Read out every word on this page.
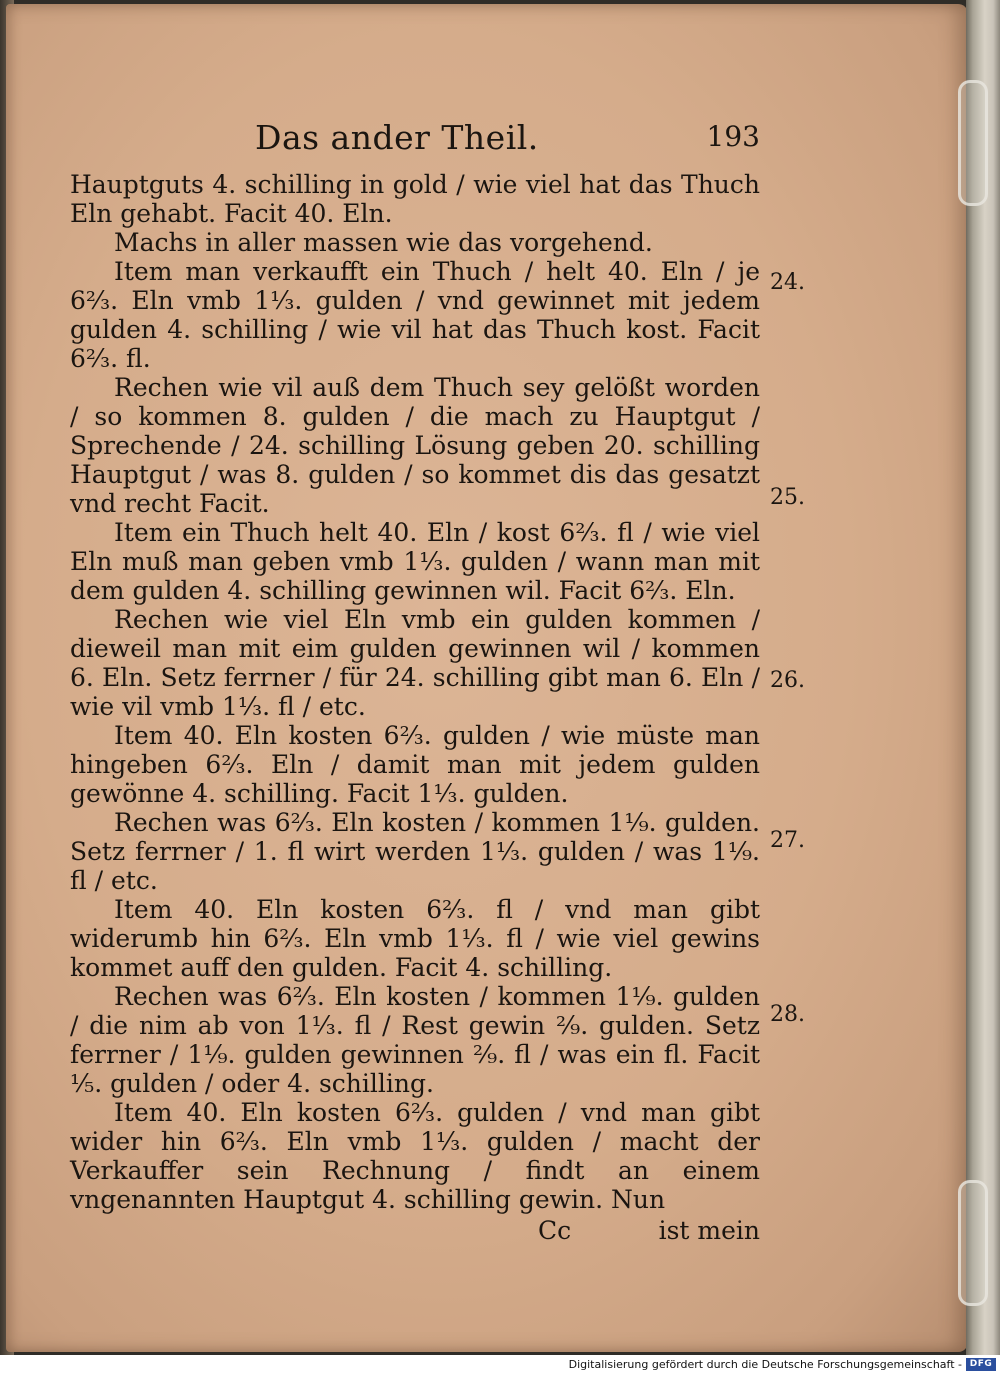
Das ander Theil.	193

Hauptguts 4. schilling in gold / wie viel hat das Thuch Eln gehabt. Facit 40. Eln.

Machs in aller massen wie das vorgehend.

Item man verkaufft ein Thuch / helt 40. Eln / je 6²⁄₃. Eln vmb 1¹⁄₃. gulden / vnd gewinnet mit jedem gulden 4. schilling / wie vil hat das Thuch kost. Facit 6²⁄₃. fl.

Rechen wie vil auß dem Thuch sey gelößt worden / so kommen 8. gulden / die mach zu Hauptgut / Sprechende / 24. schilling Lösung geben 20. schilling Hauptgut / was 8. gulden / so kommet dis das gesatzt vnd recht Facit.

Item ein Thuch helt 40. Eln / kost 6²⁄₃. fl / wie viel Eln muß man geben vmb 1¹⁄₃. gulden / wann man mit dem gulden 4. schilling gewinnen wil. Facit 6²⁄₃. Eln.

Rechen wie viel Eln vmb ein gulden kommen / dieweil man mit eim gulden gewinnen wil / kommen 6. Eln. Setz ferrner / für 24. schilling gibt man 6. Eln / wie vil vmb 1¹⁄₃. fl / etc.

Item 40. Eln kosten 6²⁄₃. gulden / wie müste man hingeben 6²⁄₃. Eln / damit man mit jedem gulden gewönne 4. schilling. Facit 1¹⁄₃. gulden.

Rechen was 6²⁄₃. Eln kosten / kommen 1¹⁄₉. gulden. Setz ferrner / 1. fl wirt werden 1¹⁄₃. gulden / was 1¹⁄₉. fl / etc.

Item 40. Eln kosten 6²⁄₃. fl / vnd man gibt widerumb hin 6²⁄₃. Eln vmb 1¹⁄₃. fl / wie viel gewins kommet auff den gulden. Facit 4. schilling.

Rechen was 6²⁄₃. Eln kosten / kommen 1¹⁄₉. gulden / die nim ab von 1¹⁄₃. fl / Rest gewin ²⁄₉. gulden. Setz ferrner / 1¹⁄₉. gulden gewinnen ²⁄₉. fl / was ein fl. Facit ¹⁄₅. gulden / oder 4. schilling.

Item 40. Eln kosten 6²⁄₃. gulden / vnd man gibt wider hin 6²⁄₃. Eln vmb 1¹⁄₃. gulden / macht der Verkauffer sein Rechnung / findt an einem vngenannten Hauptgut 4. schilling gewin. Nun

Cc	ist mein
24.
25.
26.
27.
28.
Digitalisierung gefördert durch die Deutsche Forschungsgemeinschaft - DFG
